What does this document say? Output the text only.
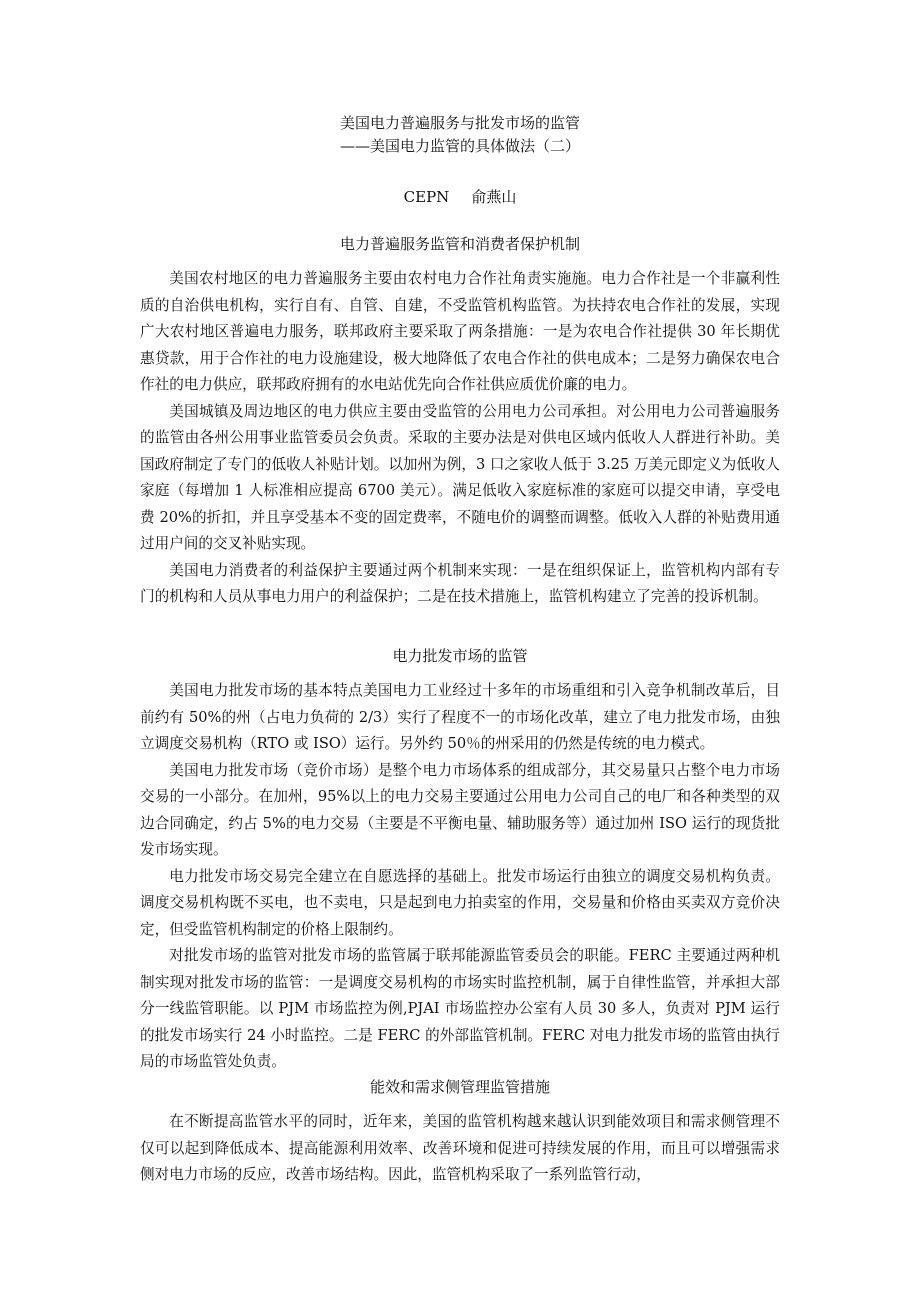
美国电力普遍服务与批发市场的监管
——美国电力监管的具体做法（二）
CEPN 俞燕山

电力普遍服务监管和消费者保护机制

美国农村地区的电力普遍服务主要由农村电力合作社角责实施施。电力合作社是一个非赢利性质的自治供电机构，实行自有、自管、自建，不受监管机构监管。为扶持农电合作社的发展，实现广大农村地区普遍电力服务，联邦政府主要采取了两条措施：一是为农电合作社提供 30 年长期优惠贷款，用于合作社的电力设施建设，极大地降低了农电合作社的供电成本；二是努力确保农电合作社的电力供应，联邦政府拥有的水电站优先向合作社供应质优价廉的电力。

美国城镇及周边地区的电力供应主要由受监管的公用电力公司承担。对公用电力公司普遍服务的监管由各州公用事业监管委员会负责。采取的主要办法是对供电区域内低收人人群进行补助。美国政府制定了专门的低收人补贴计划。以加州为例，3 口之家收人低于 3.25 万美元即定义为低收人家庭（每增加 1 人标准相应提高 6700 美元）。满足低收入家庭标准的家庭可以提交申请，享受电费 20%的折扣，并且享受基本不变的固定费率，不随电价的调整而调整。低收入人群的补贴费用通过用户间的交叉补贴实现。

美国电力消费者的利益保护主要通过两个机制来实现：一是在组织保证上，监管机构内部有专门的机构和人员从事电力用户的利益保护；二是在技术措施上，监管机构建立了完善的投诉机制。

电力批发市场的监管

美国电力批发市场的基本特点美国电力工业经过十多年的市场重组和引入竞争机制改革后，目前约有 50%的州（占电力负荷的 2/3）实行了程度不一的市场化改革，建立了电力批发市场，由独立调度交易机构（RTO 或 ISO）运行。另外约 50％的州采用的仍然是传统的电力模式。

美国电力批发市场（竞价市场）是整个电力市场体系的组成部分，其交易量只占整个电力市场交易的一小部分。在加州，95%以上的电力交易主要通过公用电力公司自己的电厂和各种类型的双边合同确定，约占 5%的电力交易（主要是不平衡电量、辅助服务等）通过加州 ISO 运行的现货批发市场实现。

电力批发市场交易完全建立在自愿选择的基础上。批发市场运行由独立的调度交易机构负责。调度交易机构既不买电，也不卖电，只是起到电力拍卖室的作用，交易量和价格由买卖双方竞价决定，但受监管机构制定的价格上限制约。

对批发市场的监管对批发市场的监管属于联邦能源监管委员会的职能。FERC 主要通过两种机制实现对批发市场的监管：一是调度交易机构的市场实时监控机制，属于自律性监管，并承担大部分一线监管职能。以 PJM 市场监控为例,PJAI 市场监控办公室有人员 30 多人，负责对 PJM 运行的批发市场实行 24 小时监控。二是 FERC 的外部监管机制。FERC 对电力批发市场的监管由执行局的市场监管处负责。

能效和需求侧管理监管措施

在不断提高监管水平的同时，近年来，美国的监管机构越来越认识到能效项目和需求侧管理不仅可以起到降低成本、提高能源利用效率、改善环境和促进可持续发展的作用，而且可以增强需求侧对电力市场的反应，改善市场结构。因此，监管机构采取了一系列监管行动，
